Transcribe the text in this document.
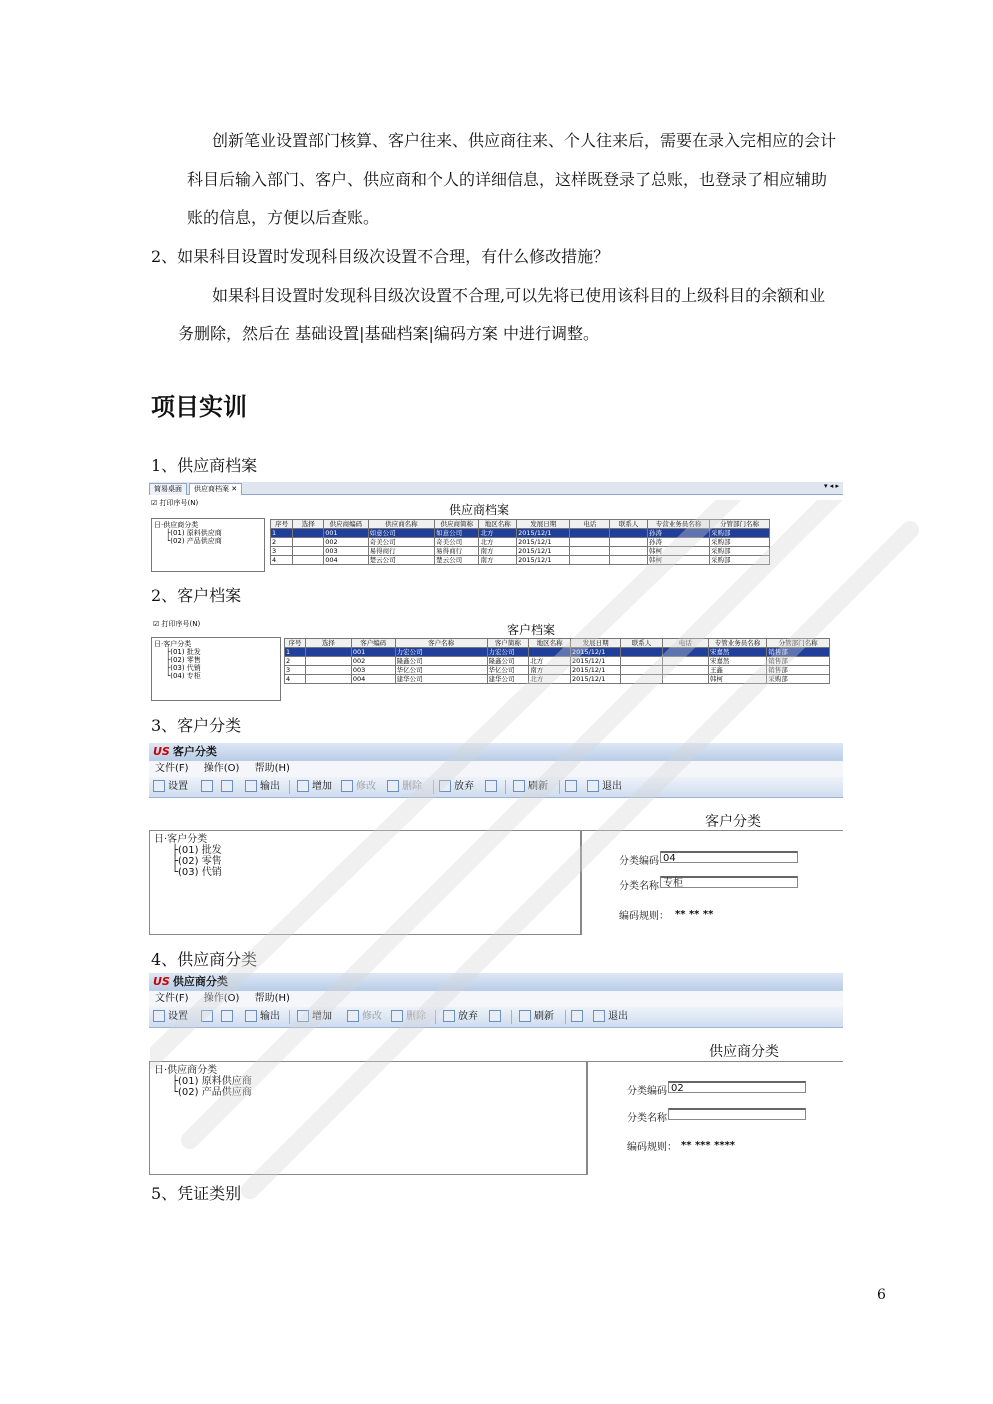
创新笔业设置部门核算、客户往来、供应商往来、个人往来后，需要在录入完相应的会计
科目后输入部门、客户、供应商和个人的详细信息，这样既登录了总账，也登录了相应辅助
账的信息，方便以后查账。
2、如果科目设置时发现科目级次设置不合理，有什么修改措施？
如果科目设置时发现科目级次设置不合理,可以先将已使用该科目的上级科目的余额和业
务删除，然后在 基础设置|基础档案|编码方案 中进行调整。
项目实训
1、供应商档案
2、客户档案
3、客户分类
4、供应商分类
5、凭证类别
简易桌面	供应商档案 ✕	▾ ◂ ▸
☑ 打印序号(N)	供应商档案
日·供应商分类
├(01) 原料供应商
└(02) 产品供应商
序号	选择	供应商编码	供应商名称	供应商简称	地区名称	发展日期	电话	联系人	专营业务员名称	分管部门名称
1		001	如意公司	如意公司	北方	2015/12/1			孙涛	采购部
2		002	奇美公司	奇美公司	北方	2015/12/1			孙涛	采购部
3		003	易得商行	易得商行	南方	2015/12/1			韩柯	采购部
4		004	楚云公司	楚云公司	南方	2015/12/1			韩柯	采购部
☑ 打印序号(N)	客户档案
日·客户分类
├(01) 批发
├(02) 零售
├(03) 代销
└(04) 专柜
序号	选择	客户编码	客户名称	客户简称	地区名称	发展日期	联系人	电话	专管业务员名称	分管部门名称
1		001	力宏公司	力宏公司		2015/12/1			宋嘉然	销售部
2		002	隆鑫公司	隆鑫公司	北方	2015/12/1			宋嘉然	销售部
3		003	华亿公司	华亿公司	南方	2015/12/1			王鑫	销售部
4		004	建华公司	建华公司	北方	2015/12/1			韩柯	采购部
US 客户分类
文件(F) 操作(O) 帮助(H)
设置	输出	增加	修改	删除	放弃	刷新	退出
客户分类
日·客户分类
├(01) 批发
├(02) 零售
└(03) 代销
分类编码 04
分类名称 专柜
编码规则： ** ** **
US 供应商分类
文件(F) 操作(O) 帮助(H)
设置	输出	增加	修改	删除	放弃	刷新	退出
供应商分类
日·供应商分类
├(01) 原料供应商
└(02) 产品供应商	分类编码 02
分类名称
编码规则： ** *** ****
6
